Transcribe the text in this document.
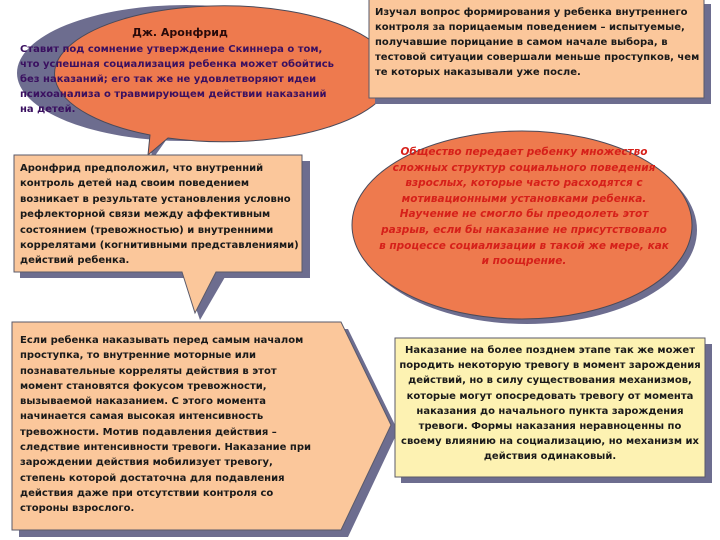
Дж. Аронфрид
Ставит под сомнение утверждение Скиннера о том, что успешная социализация ребенка может обойтись без наказаний; его так же не удовлетворяют идеи психоанализа о травмирующем действии наказаний на детей.
Изучал вопрос формирования у ребенка внутреннего контроля за порицаемым поведением – испытуемые, получавшие порицание в самом начале выбора, в тестовой ситуации совершали меньше проступков, чем те которых наказывали уже после.
Аронфрид предположил, что внутренний контроль детей над своим поведением возникает в результате установления условно рефлекторной связи между аффективным состоянием (тревожностью) и внутренними коррелятами (когнитивными представлениями) действий ребенка.
Общество передает ребенку множество сложных структур социального поведения взрослых, которые часто расходятся с мотивационными установками ребенка. Научение не смогло бы преодолеть этот разрыв, если бы наказание не присутствовало в процессе социализации в такой же мере, как и поощрение.
Если ребенка наказывать перед самым началом проступка, то внутренние моторные или познавательные корреляты действия в этот момент становятся фокусом тревожности, вызываемой наказанием. С этого момента начинается самая высокая интенсивность тревожности. Мотив подавления действия – следствие интенсивности тревоги. Наказание при зарождении действия мобилизует тревогу, степень которой достаточна для подавления действия даже при отсутствии контроля со стороны взрослого.
Наказание на более позднем этапе так же может породить некоторую тревогу в момент зарождения действий, но в силу существования механизмов, которые могут опосредовать тревогу от момента наказания до начального пункта зарождения тревоги. Формы наказания неравноценны по своему влиянию на социализацию, но механизм их действия одинаковый.
